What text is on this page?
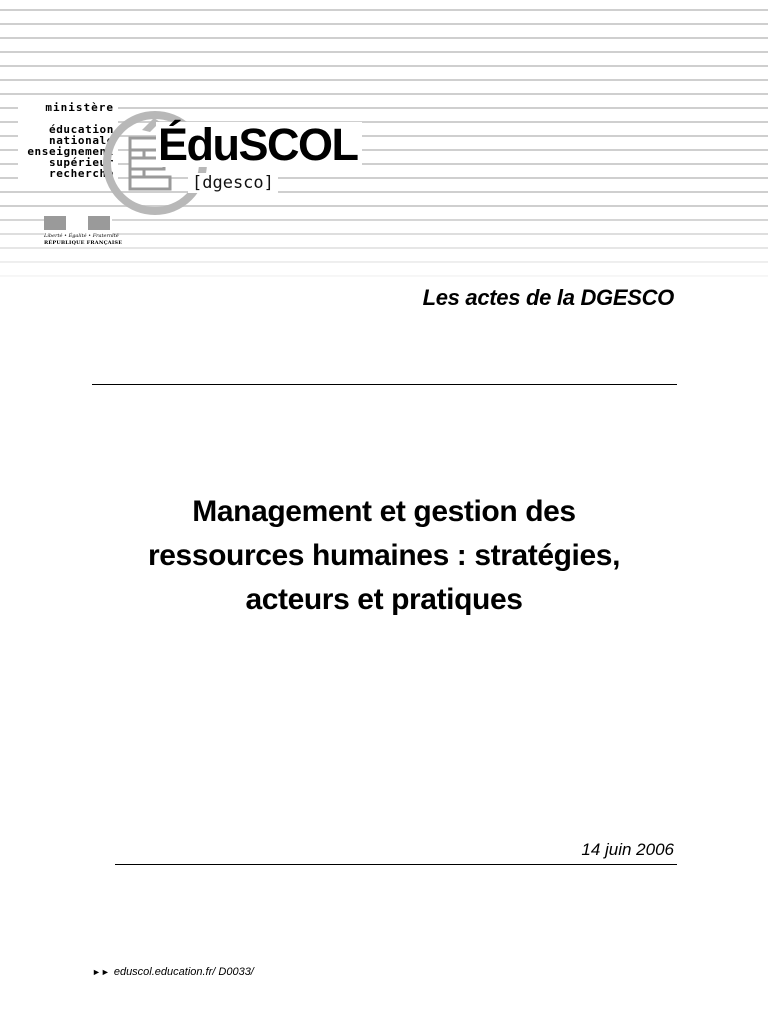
ministère
éducation
nationale
enseignement
supérieur
recherche
ÉduSCOL
[dgesco]
Liberté • Égalité • Fraternité
RÉPUBLIQUE FRANÇAISE
Les actes de la DGESCO
Management et gestion des
ressources humaines : stratégies,
acteurs et pratiques
14 juin 2006
►► eduscol.education.fr/ D0033/
